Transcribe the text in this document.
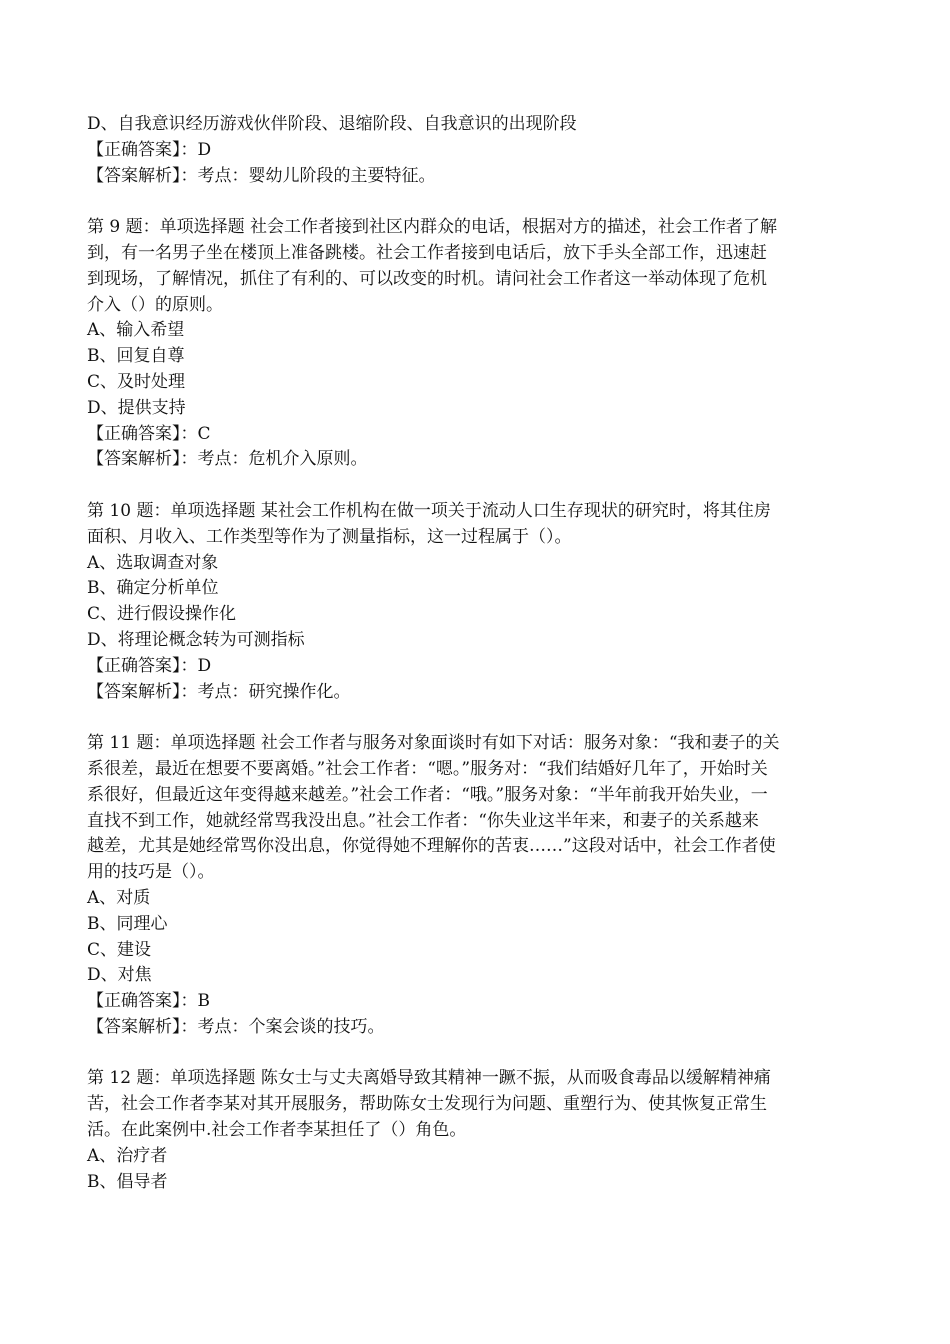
D、自我意识经历游戏伙伴阶段、退缩阶段、自我意识的出现阶段
【正确答案】：D
【答案解析】：考点：婴幼儿阶段的主要特征。
第 9 题：单项选择题 社会工作者接到社区内群众的电话，根据对方的描述，社会工作者了解
到，有一名男子坐在楼顶上准备跳楼。社会工作者接到电话后，放下手头全部工作，迅速赶
到现场，了解情况，抓住了有利的、可以改变的时机。请问社会工作者这一举动体现了危机
介入（）的原则。
A、输入希望
B、回复自尊
C、及时处理
D、提供支持
【正确答案】：C
【答案解析】：考点：危机介入原则。
第 10 题：单项选择题 某社会工作机构在做一项关于流动人口生存现状的研究时，将其住房
面积、月收入、工作类型等作为了测量指标，这一过程属于（）。
A、选取调查对象
B、确定分析单位
C、进行假设操作化
D、将理论概念转为可测指标
【正确答案】：D
【答案解析】：考点：研究操作化。
第 11 题：单项选择题 社会工作者与服务对象面谈时有如下对话：服务对象：“我和妻子的关
系很差，最近在想要不要离婚。”社会工作者：“嗯。”服务对：“我们结婚好几年了，开始时关
系很好，但最近这年变得越来越差。”社会工作者：“哦。”服务对象：“半年前我开始失业，一
直找不到工作，她就经常骂我没出息。”社会工作者：“你失业这半年来，和妻子的关系越来
越差，尤其是她经常骂你没出息，你觉得她不理解你的苦衷……”这段对话中，社会工作者使
用的技巧是（）。
A、对质
B、同理心
C、建设
D、对焦
【正确答案】：B
【答案解析】：考点：个案会谈的技巧。
第 12 题：单项选择题 陈女士与丈夫离婚导致其精神一蹶不振，从而吸食毒品以缓解精神痛
苦，社会工作者李某对其开展服务，帮助陈女士发现行为问题、重塑行为、使其恢复正常生
活。在此案例中.社会工作者李某担任了（）角色。
A、治疗者
B、倡导者
